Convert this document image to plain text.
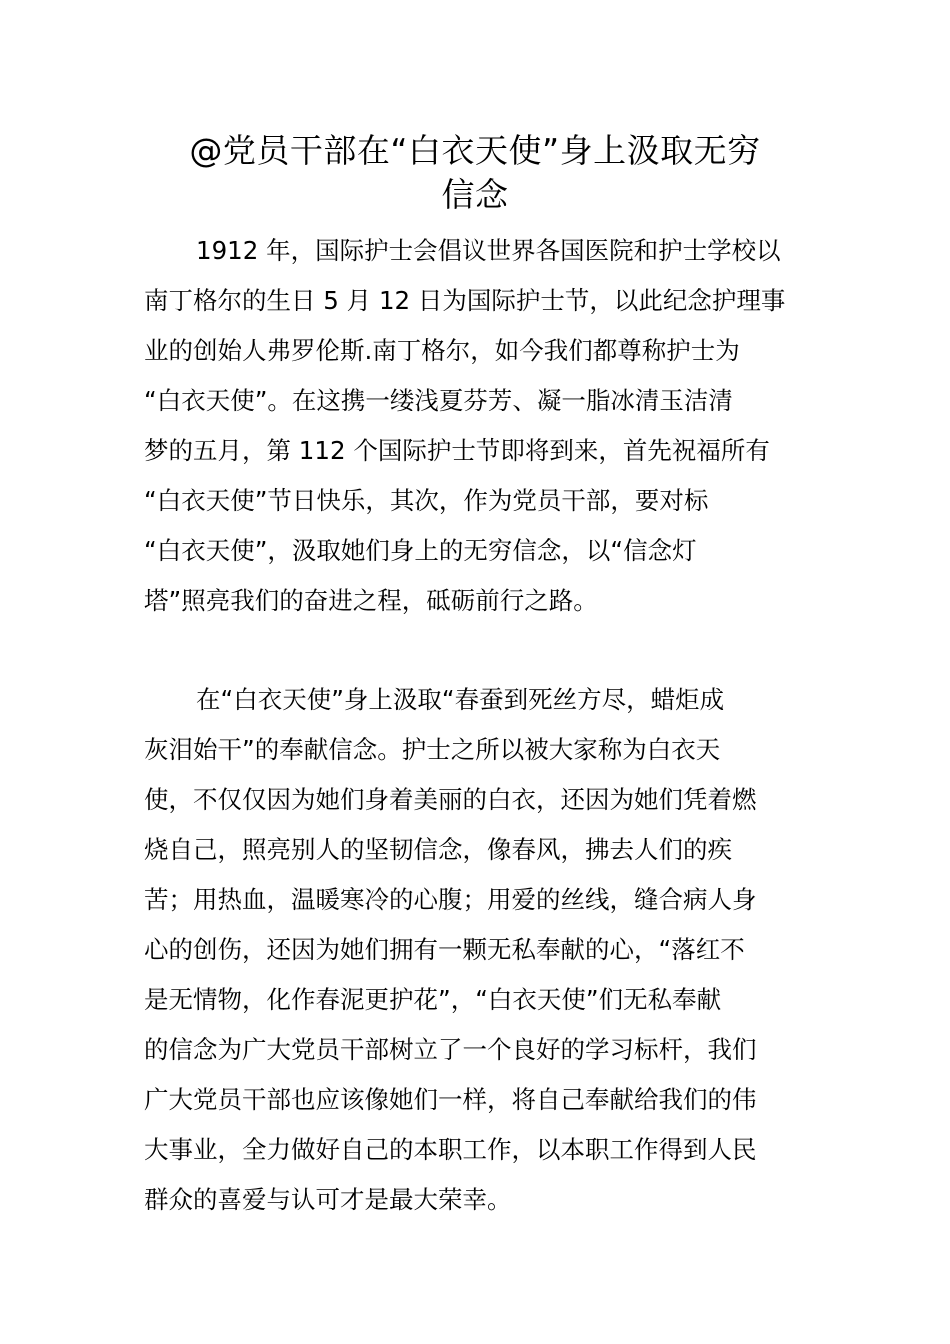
@党员干部在“白衣天使”身上汲取无穷
信念
1912 年，国际护士会倡议世界各国医院和护士学校以
南丁格尔的生日 5 月 12 日为国际护士节，以此纪念护理事
业的创始人弗罗伦斯.南丁格尔，如今我们都尊称护士为
“白衣天使”。在这携一缕浅夏芬芳、凝一脂冰清玉洁清
梦的五月，第 112 个国际护士节即将到来，首先祝福所有
“白衣天使”节日快乐，其次，作为党员干部，要对标
“白衣天使”，汲取她们身上的无穷信念，以“信念灯
塔”照亮我们的奋进之程，砥砺前行之路。
在“白衣天使”身上汲取“春蚕到死丝方尽，蜡炬成
灰泪始干”的奉献信念。护士之所以被大家称为白衣天
使，不仅仅因为她们身着美丽的白衣，还因为她们凭着燃
烧自己，照亮别人的坚韧信念，像春风，拂去人们的疾
苦；用热血，温暖寒冷的心腹；用爱的丝线，缝合病人身
心的创伤，还因为她们拥有一颗无私奉献的心，“落红不
是无情物，化作春泥更护花”，“白衣天使”们无私奉献
的信念为广大党员干部树立了一个良好的学习标杆，我们
广大党员干部也应该像她们一样，将自己奉献给我们的伟
大事业，全力做好自己的本职工作，以本职工作得到人民
群众的喜爱与认可才是最大荣幸。
